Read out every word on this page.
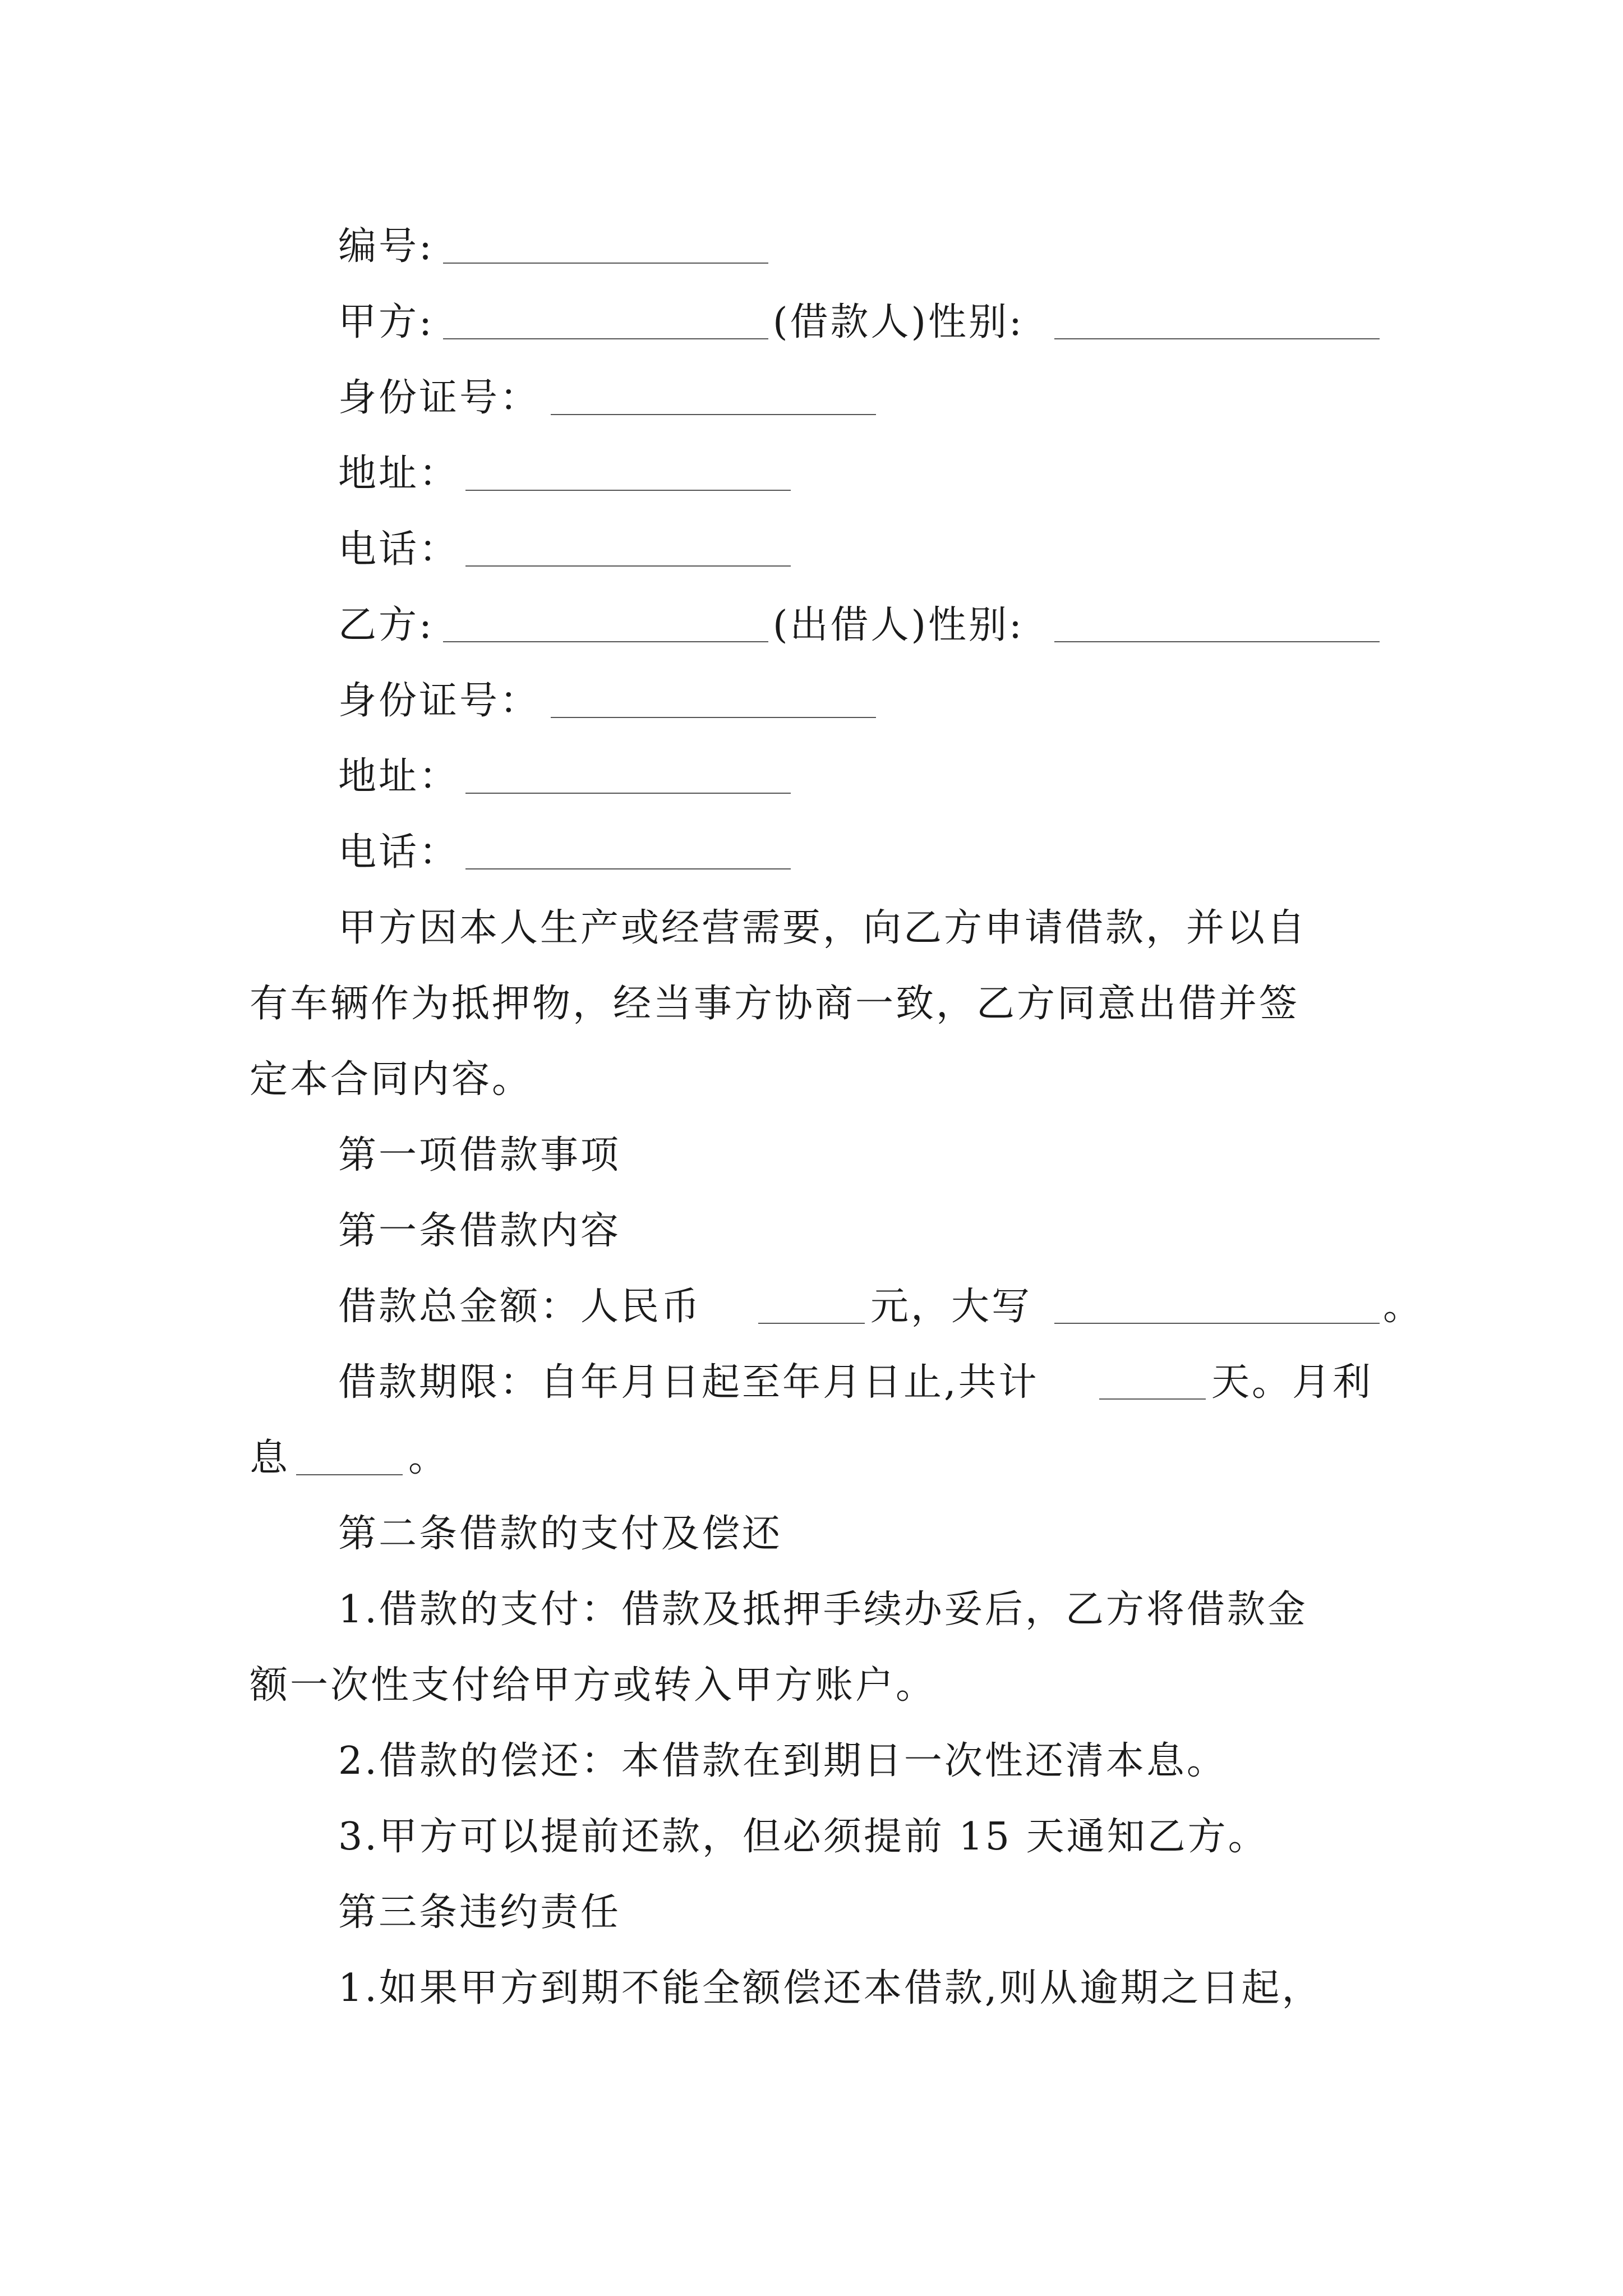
编号:
甲方:	(借款人)性别:
身份证号：
地址：
电话：
乙方:	(出借人)性别:
身份证号：
地址：
电话：
甲方因本人生产或经营需要，向乙方申请借款，并以自
有车辆作为抵押物，经当事方协商一致，乙方同意出借并签
定本合同内容。
第一项借款事项
第一条借款内容
借款总金额：人民币	元，大写	。
借款期限：自年月日起至年月日止,共计	天。月利
息	。
第二条借款的支付及偿还
1.借款的支付：借款及抵押手续办妥后，乙方将借款金
额一次性支付给甲方或转入甲方账户。
2.借款的偿还：本借款在到期日一次性还清本息。
3.甲方可以提前还款，但必须提前 15 天通知乙方。
第三条违约责任
1.如果甲方到期不能全额偿还本借款,则从逾期之日起，
